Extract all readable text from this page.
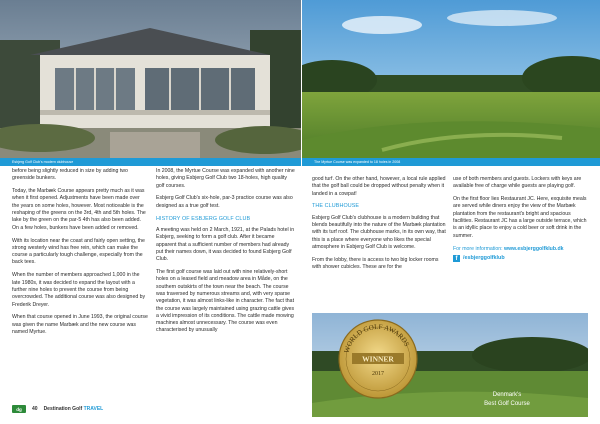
Esbjerg Golf Club's modern clubhouse	The Myrtue Course was expanded to 18 holes in 2008

before being slightly reduced in size by adding two greenside bunkers.

Today, the Marbæk Course appears pretty much as it was when it first opened. Adjustments have been made over the years on some holes, however. Most noticeable is the reshaping of the greens on the 3rd, 4th and 5th holes. The lake by the green on the par-5 4th has also been added. On a few holes, bunkers have been added or removed.

With its location near the coast and fairly open setting, the strong westerly wind has free rein, which can make the course a particularly tough challenge, especially from the back tees.

When the number of members approached 1,000 in the late 1980s, it was decided to expand the layout with a further nine holes to prevent the course from being overcrowded. The additional course was also designed by Frederik Dreyer.

When that course opened in June 1993, the original course was given the name Marbæk and the new course was named Myrtue.

In 2008, the Myrtue Course was expanded with another nine holes, giving Esbjerg Golf Club two 18-holes, high quality golf courses.

Esbjerg Golf Club's six-hole, par-3 practice course was also designed as a true golf test.

HISTORY OF ESBJERG GOLF CLUB

A meeting was held on 2 March, 1921, at the Palads hotel in Esbjerg, seeking to form a golf club. After it became apparent that a sufficient number of members had already put their names down, it was decided to found Esbjerg Golf Club.

The first golf course was laid out with nine relatively-short holes on a leased field and meadow area in Måde, on the southern outskirts of the town near the beach. The course was traversed by numerous streams and, with very sparse vegetation, it was almost links-like in character. The fact that the course was largely maintained using grazing cattle gives a vivid impression of its conditions. The cattle made mowing machines almost unnecessary. The course was even characterised by unusually

good turf. On the other hand, however, a local rule applied that the golf ball could be dropped without penalty when it landed in a cowpat!

THE CLUBHOUSE

Esbjerg Golf Club's clubhouse is a modern building that blends beautifully into the nature of the Marbæk plantation with its turf roof. The clubhouse marks, in its own way, that this is a place where everyone who likes the special atmosphere in Esbjerg Golf Club is welcome.

From the lobby, there is access to two big locker rooms with shower cubicles. These are for the

use of both members and guests. Lockers with keys are available free of charge while guests are playing golf.

On the first floor lies Restaurant JC. Here, exquisite meals are served while diners enjoy the view of the Marbæk plantation from the restaurant's bright and spacious facilities. Restaurant JC has a large outside terrace, which is an idyllic place to enjoy a cold beer or soft drink in the summer.

For more information: www.esbjerggolfklub.dk
f	/esbjerggolfklub
WORLD GOLF AWARDS
WINNER
2017
Denmark's
Best Golf Course
dg	40 Destination Golf TRAVEL
